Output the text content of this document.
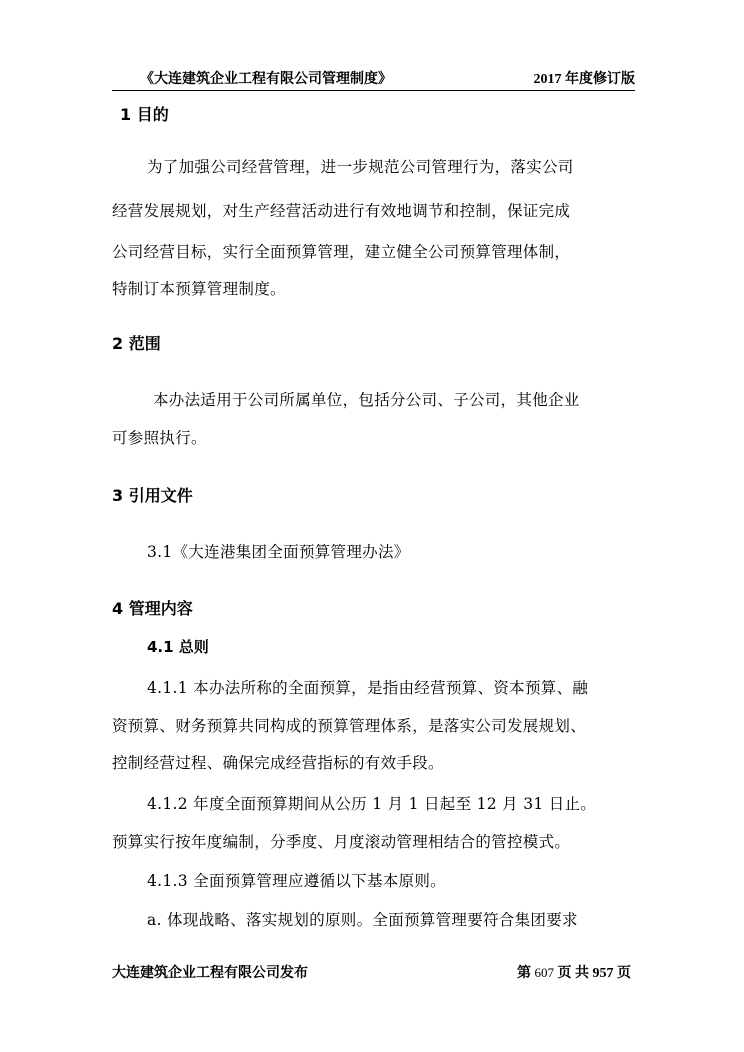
《大连建筑企业工程有限公司管理制度》	2017 年度修订版
1 目的
为了加强公司经营管理，进一步规范公司管理行为，落实公司
经营发展规划，对生产经营活动进行有效地调节和控制，保证完成
公司经营目标，实行全面预算管理，建立健全公司预算管理体制，
特制订本预算管理制度。
2 范围
本办法适用于公司所属单位，包括分公司、子公司，其他企业
可参照执行。
3 引用文件
3.1《大连港集团全面预算管理办法》
4 管理内容
4.1 总则
4.1.1 本办法所称的全面预算，是指由经营预算、资本预算、融
资预算、财务预算共同构成的预算管理体系，是落实公司发展规划、
控制经营过程、确保完成经营指标的有效手段。
4.1.2 年度全面预算期间从公历 1 月 1 日起至 12 月 31 日止。
预算实行按年度编制，分季度、月度滚动管理相结合的管控模式。
4.1.3 全面预算管理应遵循以下基本原则。
a. 体现战略、落实规划的原则。全面预算管理要符合集团要求
大连建筑企业工程有限公司发布	第 607 页 共 957 页
